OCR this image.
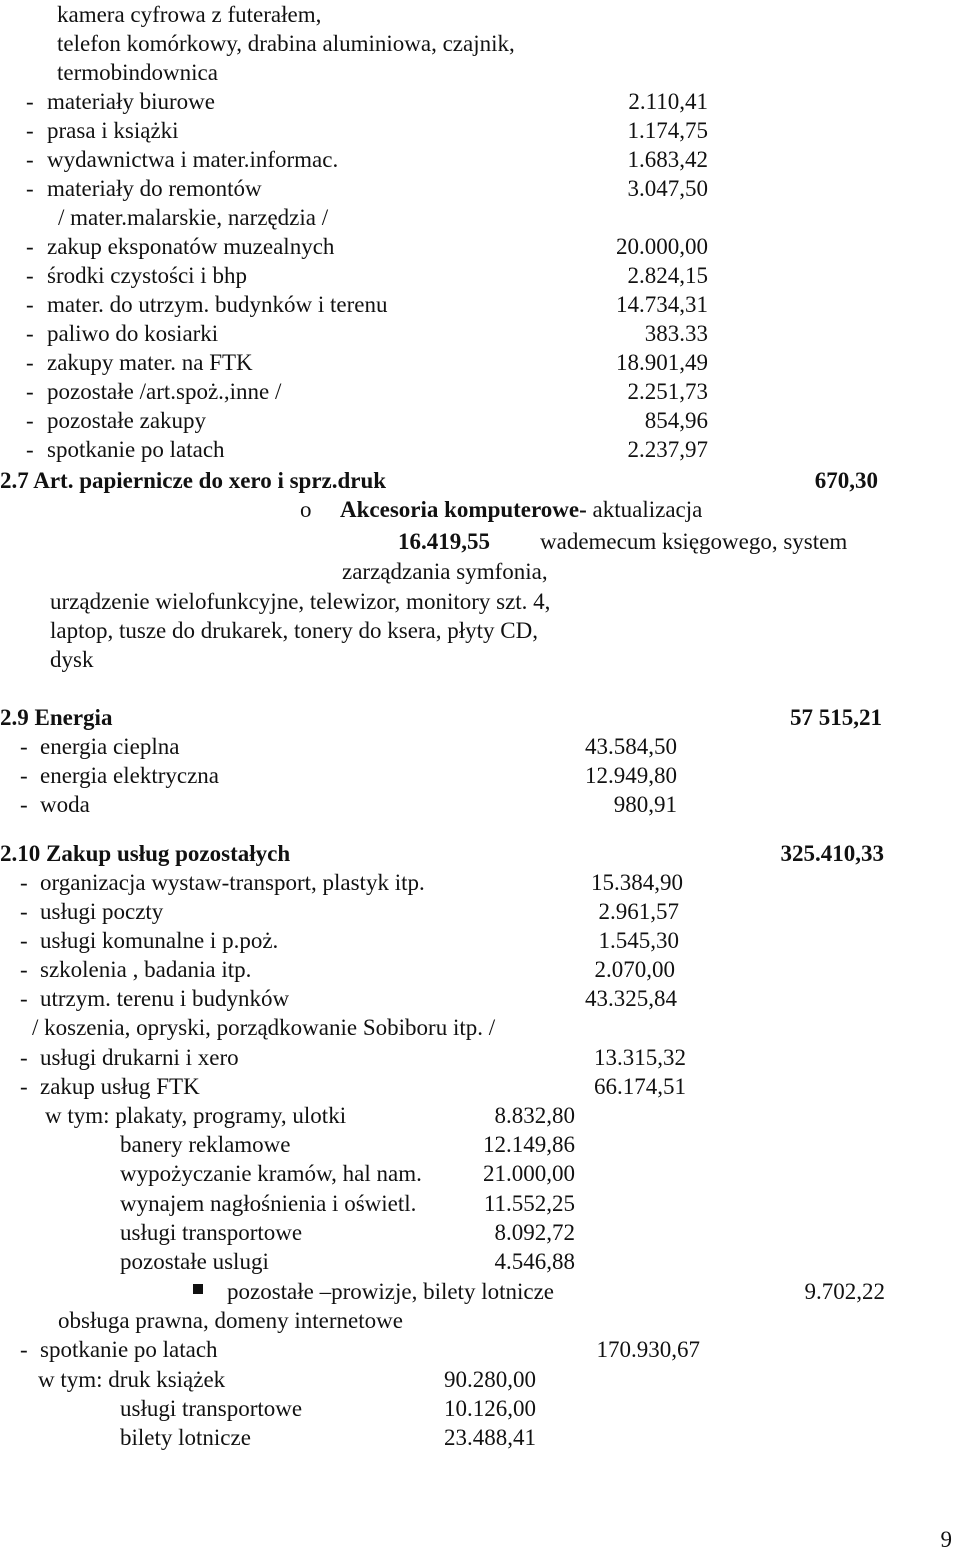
kamera cyfrowa z futerałem,
telefon komórkowy, drabina aluminiowa, czajnik,
termobindownica
- materiały biurowe	2.110,41
- prasa i książki	1.174,75
- wydawnictwa i mater.informac.	1.683,42
- materiały do remontów	3.047,50
/ mater.malarskie, narzędzia /
- zakup eksponatów muzealnych	20.000,00
- środki czystości i bhp	2.824,15
- mater. do utrzym. budynków i terenu	14.734,31
- paliwo do kosiarki	383.33
- zakupy mater. na FTK	18.901,49
- pozostałe /art.spoż.,inne /	2.251,73
- pozostałe zakupy	854,96
- spotkanie po latach	2.237,97
2.7 Art. papiernicze do xero i sprz.druk	670,30
o Akcesoria komputerowe- aktualizacja
16.419,55 wademecum księgowego, system
zarządzania symfonia,
urządzenie wielofunkcyjne, telewizor, monitory szt. 4,
laptop, tusze do drukarek, tonery do ksera, płyty CD,
dysk
2.9 Energia	57 515,21
- energia cieplna	43.584,50
- energia elektryczna	12.949,80
- woda	980,91
2.10 Zakup usług pozostałych	325.410,33
- organizacja wystaw-transport, plastyk itp.	15.384,90
- usługi poczty	2.961,57
- usługi komunalne i p.poż.	1.545,30
- szkolenia , badania itp.	2.070,00
- utrzym. terenu i budynków	43.325,84
/ koszenia, opryski, porządkowanie Sobiboru itp. /
- usługi drukarni i xero	13.315,32
- zakup usług FTK	66.174,51
w tym: plakaty, programy, ulotki	8.832,80
banery reklamowe	12.149,86
wypożyczanie kramów, hal nam.	21.000,00
wynajem nagłośnienia i oświetl.	11.552,25
usługi transportowe	8.092,72
pozostałe uslugi	4.546,88
pozostałe –prowizje, bilety lotnicze	9.702,22
obsługa prawna, domeny internetowe
- spotkanie po latach	170.930,67
w tym: druk książek	90.280,00
usługi transportowe	10.126,00
bilety lotnicze	23.488,41
9
